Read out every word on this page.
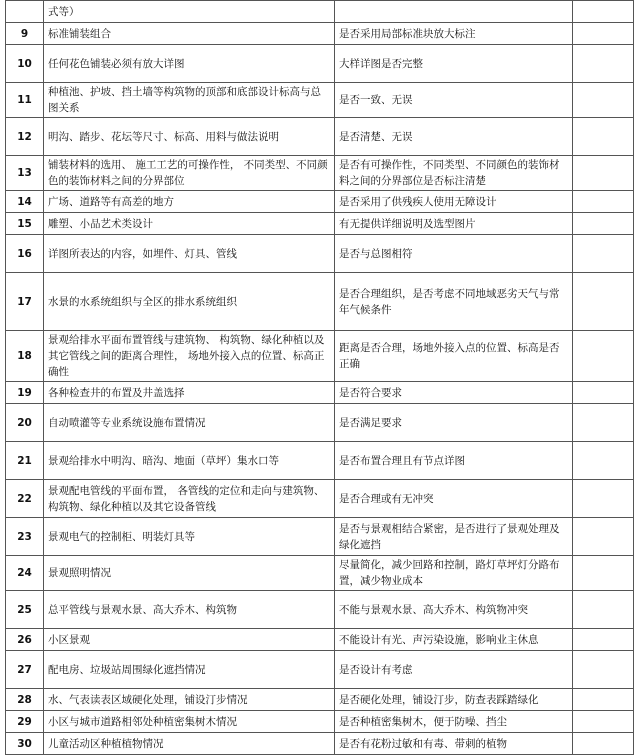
	式等）		
9	标准铺装组合	是否采用局部标准块放大标注	
10	任何花色铺装必须有放大详图	大样详图是否完整	
11	种植池、护坡、挡土墙等构筑物的顶部和底部设计标高与总图关系	是否一致、无误	
12	明沟、踏步、花坛等尺寸、标高、用料与做法说明	是否清楚、无误	
13	铺装材料的选用、 施工工艺的可操作性， 不同类型、不同颜色的装饰材料之间的分界部位	是否有可操作性，不同类型、不同颜色的装饰材料之间的分界部位是否标注清楚	
14	广场、道路等有高差的地方	是否采用了供残疾人使用无障设计	
15	雕塑、小品艺术类设计	有无提供详细说明及选型图片	
16	详图所表达的内容，如埋件、灯具、管线	是否与总图相符	
17	水景的水系统组织与全区的排水系统组织	是否合理组织，是否考虑不同地域恶劣天气与常年气候条件	
18	景观给排水平面布置管线与建筑物、 构筑物、绿化种植以及其它管线之间的距离合理性， 场地外接入点的位置、标高正确性	距离是否合理，场地外接入点的位置、标高是否正确	
19	各种检查井的布置及井盖选择	是否符合要求	
20	自动喷灌等专业系统设施布置情况	是否满足要求	
21	景观给排水中明沟、暗沟、地面（草坪）集水口等	是否布置合理且有节点详图	
22	景观配电管线的平面布置， 各管线的定位和走向与建筑物、 构筑物、绿化种植以及其它设备管线	是否合理或有无冲突	
23	景观电气的控制柜、明装灯具等	是否与景观相结合紧密，是否进行了景观处理及绿化遮挡	
24	景观照明情况	尽量简化，减少回路和控制，路灯草坪灯分路布置，减少物业成本	
25	总平管线与景观水景、高大乔木、构筑物	不能与景观水景、高大乔木、构筑物冲突	
26	小区景观	不能设计有光、声污染设施，影响业主休息	
27	配电房、垃圾站周围绿化遮挡情况	是否设计有考虑	
28	水、气表读表区域硬化处理，铺设汀步情况	是否硬化处理，铺设汀步，防查表踩踏绿化	
29	小区与城市道路相邻处种植密集树木情况	是否种植密集树木，便于防噪、挡尘	
30	儿童活动区种植植物情况	是否有花粉过敏和有毒、带刺的植物	
